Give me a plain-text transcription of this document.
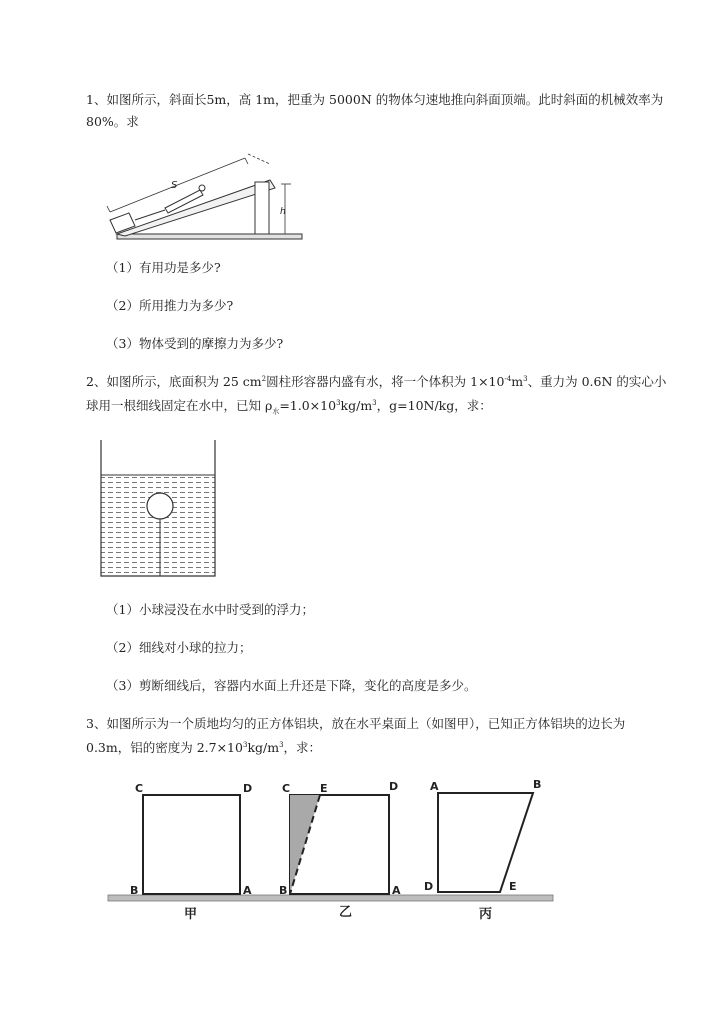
1、如图所示，斜面长5m，高 1m，把重为 5000N 的物体匀速地推向斜面顶端。此时斜面的机械效率为
80%。求
S
h
（1）有用功是多少?
（2）所用推力为多少?
（3）物体受到的摩擦力为多少?
2、如图所示，底面积为 25 $cm^2$圆柱形容器内盛有水，将一个体积为 $1\times 10^{-4}m^3$、重力为 0.6N 的实心小
球用一根细线固定在水中，已知 $\rho_水=1.0\times 10^3kg/m^3$，g=10N/kg，求：
（1）小球浸没在水中时受到的浮力；
（2）细线对小球的拉力；
（3）剪断细线后，容器内水面上升还是下降，变化的高度是多少。
3、如图所示为一个质地均匀的正方体铝块，放在水平桌面上（如图甲），已知正方体铝块的边长为
0.3m，铝的密度为 $2.7\times 10^3kg/m^3$，求：
C	D
B	A
甲
C	E	D
B	A
乙
A	B
D	E
丙
